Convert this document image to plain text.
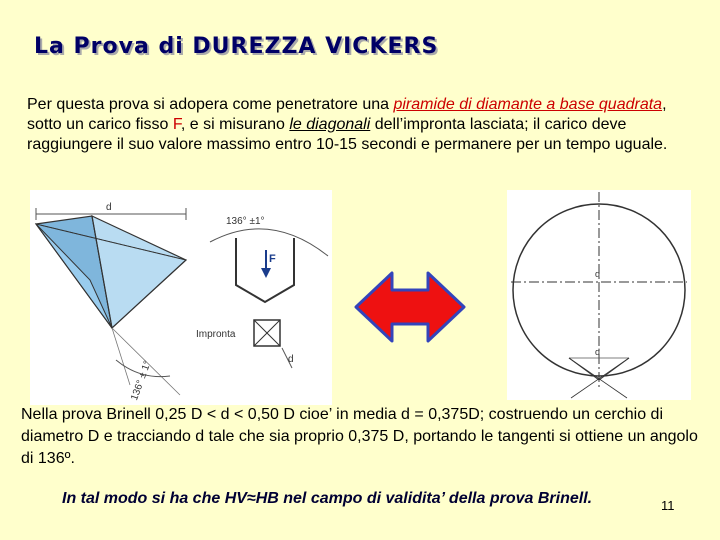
La Prova di DUREZZA VICKERS
Per questa prova si adopera come penetratore una piramide di diamante a base quadrata, sotto un carico fisso F, e si misurano le diagonali dell’impronta lasciata; il carico deve raggiungere il suo valore massimo entro 10-15 secondi e permanere per un tempo uguale.
d
136° ±1°
F
Impronta
d
136° ± 1°
d
d
Nella prova Brinell 0,25 D < d < 0,50 D cioe’ in media d = 0,375D; costruendo un cerchio di diametro D e tracciando d tale che sia proprio 0,375 D, portando le tangenti si ottiene un angolo di 136º.
In tal modo si ha che HV≈HB nel campo di validita’ della prova Brinell.	11
